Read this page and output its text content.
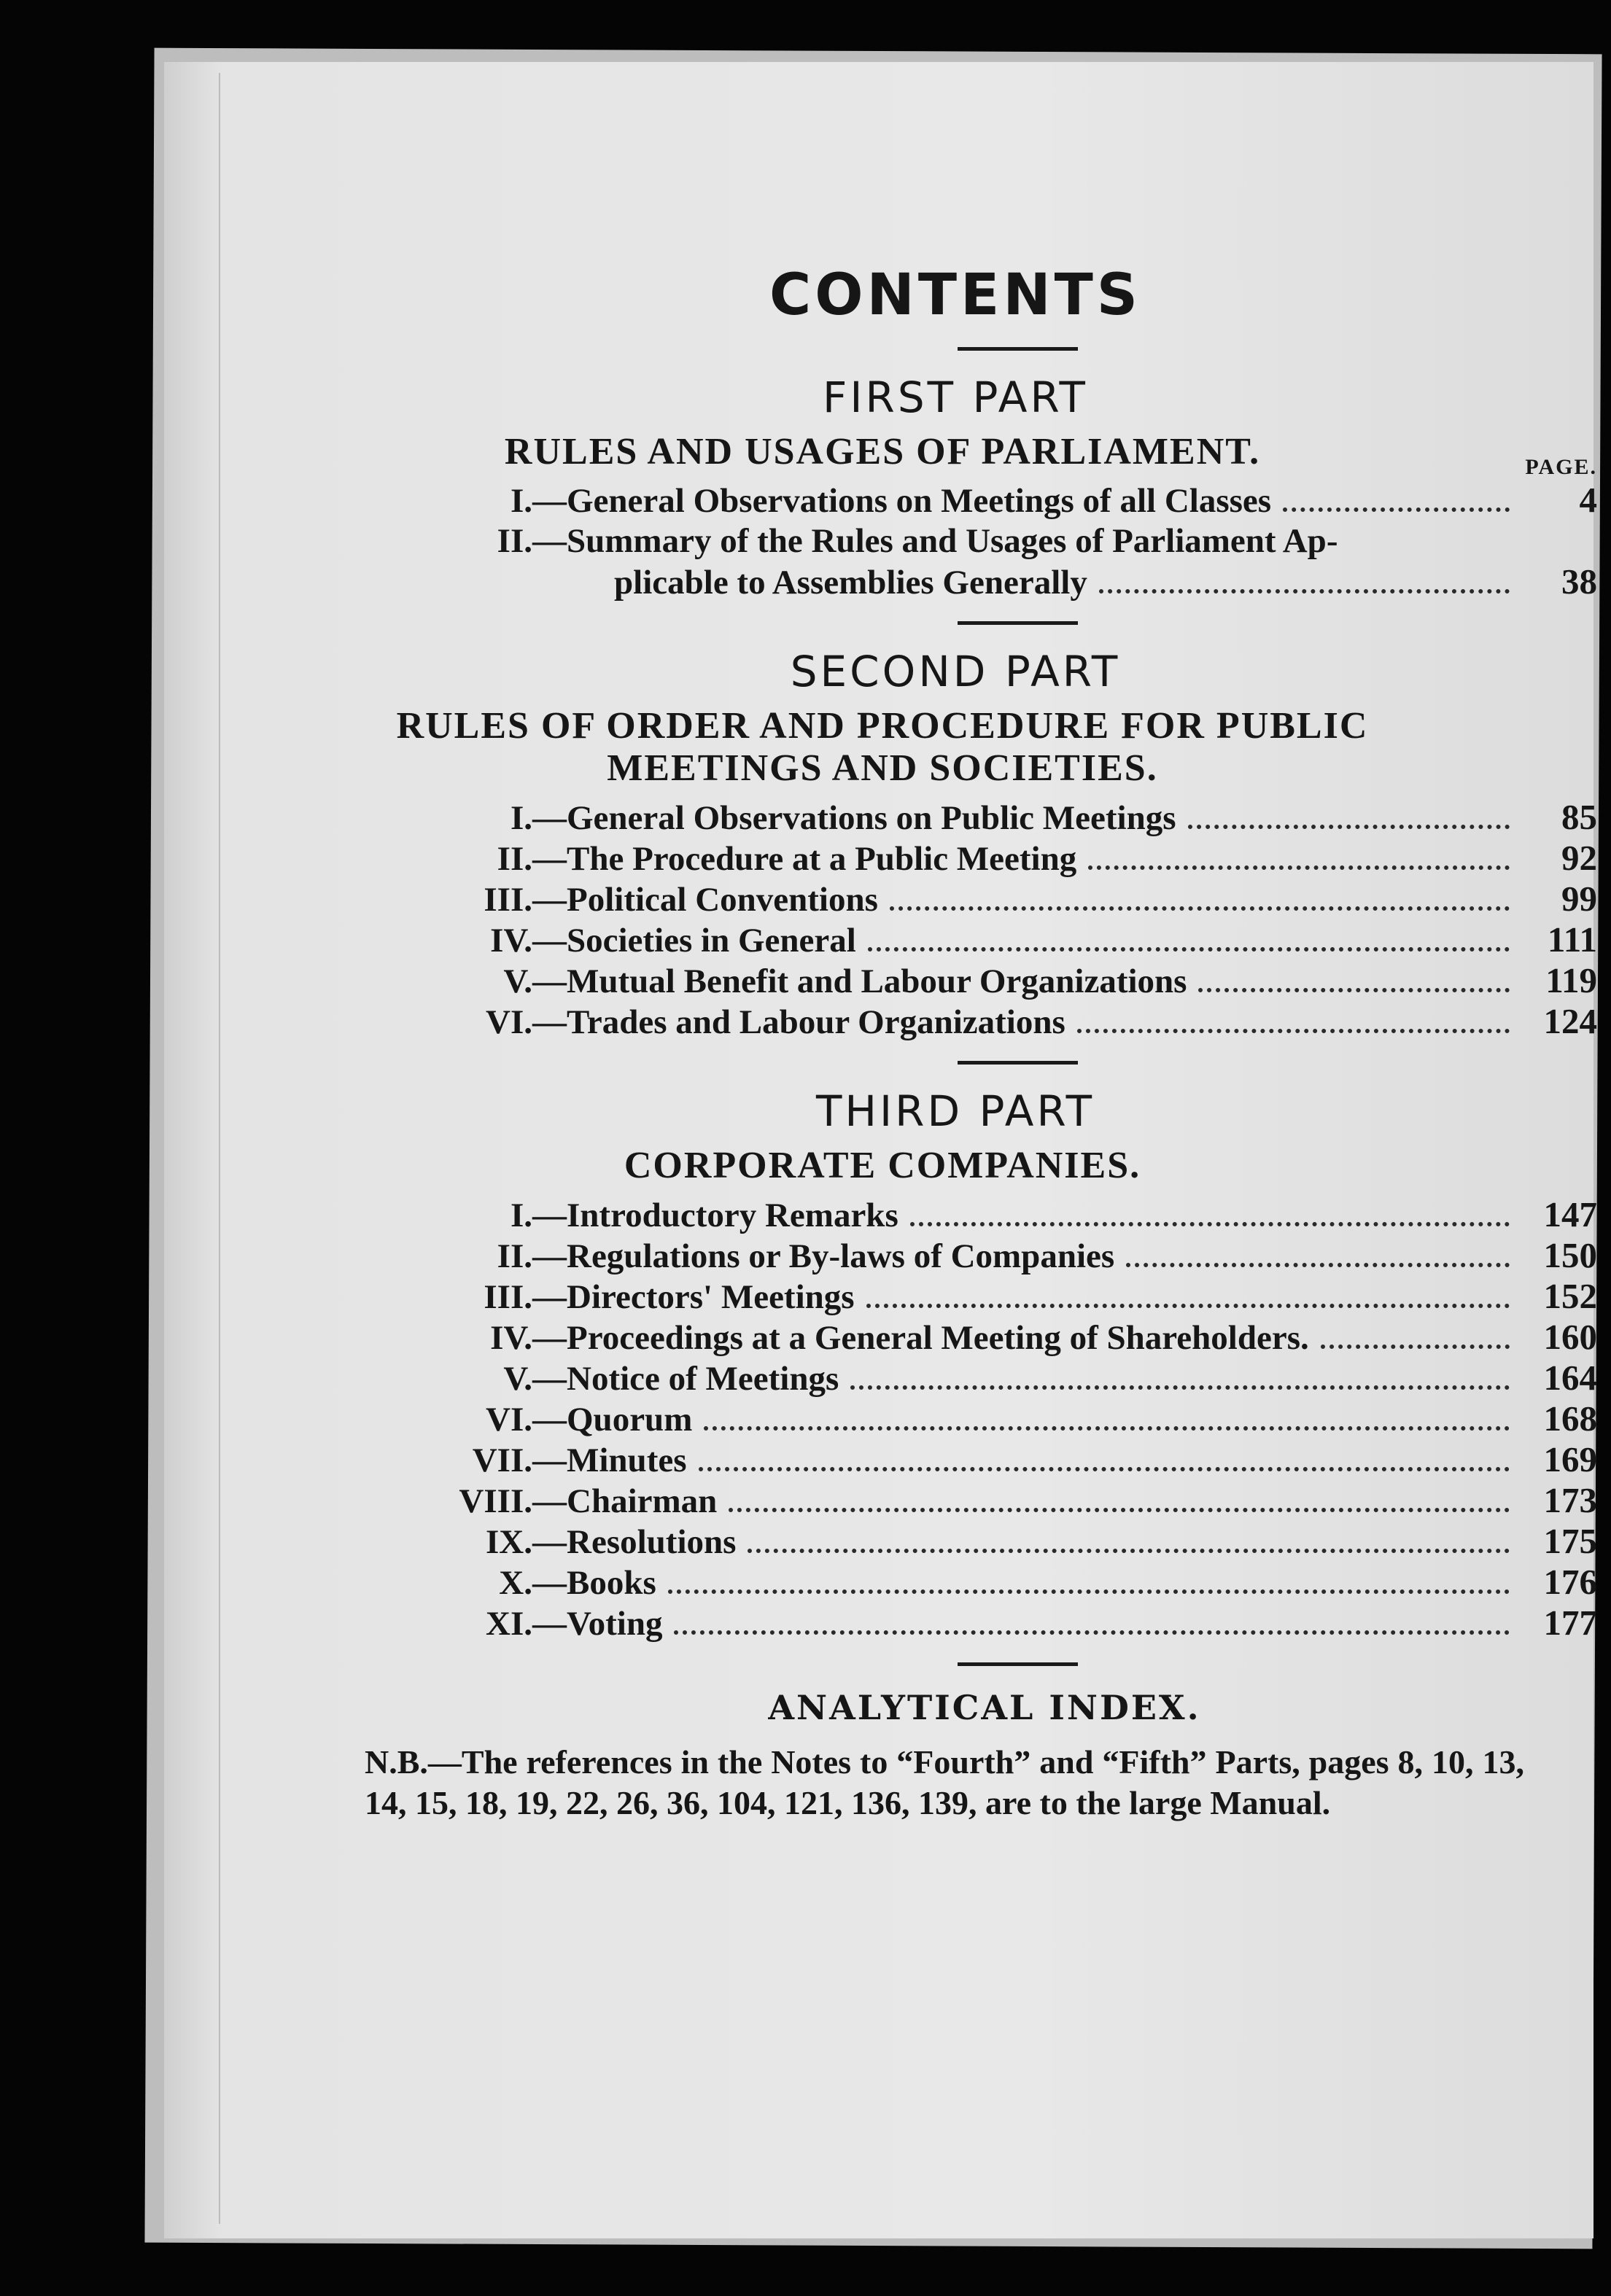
CONTENTS
FIRST PART
RULES AND USAGES OF PARLIAMENT.	PAGE.
I. — General Observations on Meetings of all Classes	4
II. — Summary of the Rules and Usages of Parliament Ap-
plicable to Assemblies Generally	38
SECOND PART
RULES OF ORDER AND PROCEDURE FOR PUBLIC MEETINGS AND SOCIETIES.
I. — General Observations on Public Meetings	85
II. — The Procedure at a Public Meeting	92
III. — Political Conventions	99
IV. — Societies in General	111
V. — Mutual Benefit and Labour Organizations	119
VI. — Trades and Labour Organizations	124
THIRD PART
CORPORATE COMPANIES.
I. — Introductory Remarks	147
II. — Regulations or By-laws of Companies	150
III. — Directors' Meetings	152
IV. — Proceedings at a General Meeting of Shareholders.	160
V. — Notice of Meetings	164
VI. — Quorum	168
VII. — Minutes	169
VIII. — Chairman	173
IX. — Resolutions	175
X. — Books	176
XI. — Voting	177
ANALYTICAL INDEX.
N.B.—The references in the Notes to “Fourth” and “Fifth” Parts, pages 8, 10, 13, 14, 15, 18, 19, 22, 26, 36, 104, 121, 136, 139, are to the large Manual.
